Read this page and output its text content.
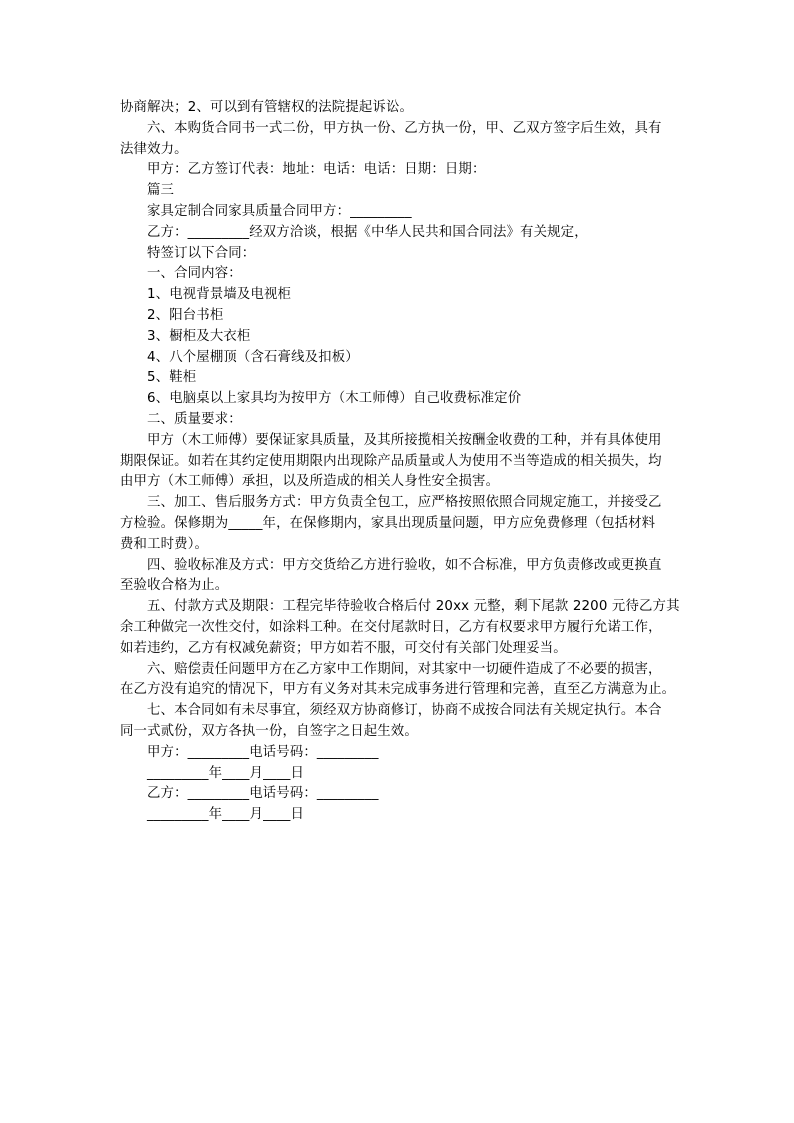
协商解决；2、可以到有管辖权的法院提起诉讼。
六、本购货合同书一式二份，甲方执一份、乙方执一份，甲、乙双方签字后生效，具有
法律效力。
甲方：乙方签订代表：地址：电话：电话：日期：日期：
篇三
家具定制合同家具质量合同甲方：_________
乙方：_________经双方洽谈，根据《中华人民共和国合同法》有关规定，
特签订以下合同：
一、合同内容：
1、电视背景墙及电视柜
2、阳台书柜
3、橱柜及大衣柜
4、八个屋棚顶（含石膏线及扣板）
5、鞋柜
6、电脑桌以上家具均为按甲方（木工师傅）自己收费标准定价
二、质量要求：
甲方（木工师傅）要保证家具质量，及其所接揽相关按酬金收费的工种，并有具体使用
期限保证。如若在其约定使用期限内出现除产品质量或人为使用不当等造成的相关损失，均
由甲方（木工师傅）承担，以及所造成的相关人身性安全损害。
三、加工、售后服务方式：甲方负责全包工，应严格按照依照合同规定施工，并接受乙
方检验。保修期为_____年，在保修期内，家具出现质量问题，甲方应免费修理（包括材料
费和工时费）。
四、验收标准及方式：甲方交货给乙方进行验收，如不合标准，甲方负责修改或更换直
至验收合格为止。
五、付款方式及期限：工程完毕待验收合格后付 20xx 元整，剩下尾款 2200 元待乙方其
余工种做完一次性交付，如涂料工种。在交付尾款时日，乙方有权要求甲方履行允诺工作，
如若违约，乙方有权减免薪资；甲方如若不服，可交付有关部门处理妥当。
六、赔偿责任问题甲方在乙方家中工作期间，对其家中一切硬件造成了不必要的损害，
在乙方没有追究的情况下，甲方有义务对其未完成事务进行管理和完善，直至乙方满意为止。
七、本合同如有未尽事宜，须经双方协商修订，协商不成按合同法有关规定执行。本合
同一式贰份，双方各执一份，自签字之日起生效。
甲方：_________电话号码：_________
_________年____月____日
乙方：_________电话号码：_________
_________年____月____日
